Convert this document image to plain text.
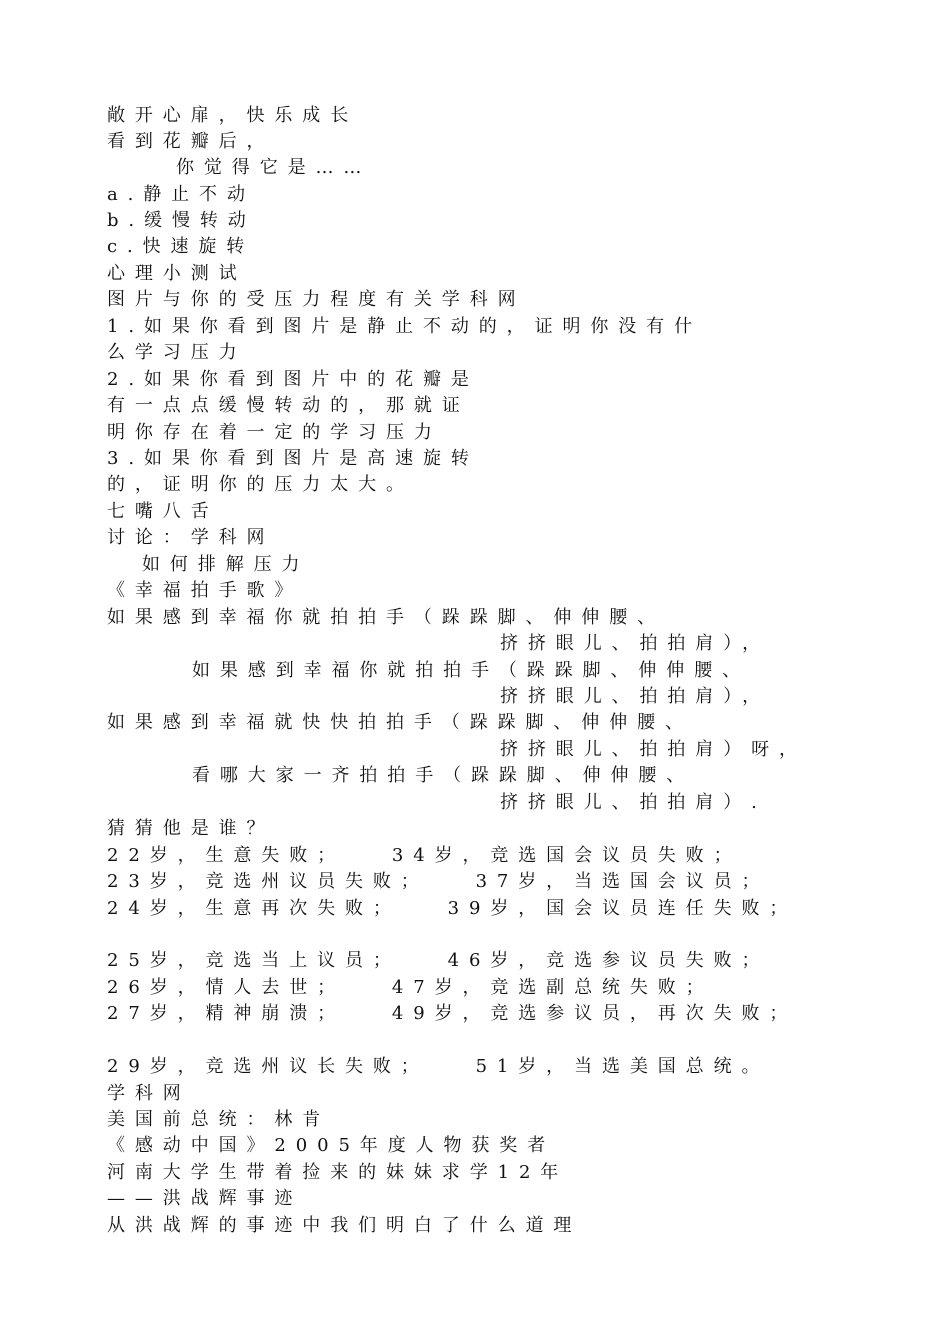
敞开心扉，快乐成长
看到花瓣后，
你觉得它是……
a.静止不动
b.缓慢转动
c.快速旋转
心理小测试
图片与你的受压力程度有关学科网
1.如果你看到图片是静止不动的，证明你没有什
么学习压力
2.如果你看到图片中的花瓣是
有一点点缓慢转动的，那就证
明你存在着一定的学习压力
3.如果你看到图片是高速旋转
的，证明你的压力太大。
七嘴八舌
讨论：学科网
如何排解压力
《幸福拍手歌》
如果感到幸福你就拍拍手（跺跺脚、伸伸腰、
挤挤眼儿、拍拍肩），
如果感到幸福你就拍拍手（跺跺脚、伸伸腰、
挤挤眼儿、拍拍肩），
如果感到幸福就快快拍拍手（跺跺脚、伸伸腰、
挤挤眼儿、拍拍肩）呀，
看哪大家一齐拍拍手（跺跺脚、伸伸腰、
挤挤眼儿、拍拍肩）.
猜猜他是谁？
22岁，生意失败；   34岁，竞选国会议员失败；
23岁，竞选州议员失败；   37岁，当选国会议员；
24岁，生意再次失败；   39岁，国会议员连任失败；
25岁，竞选当上议员；   46岁，竞选参议员失败；
26岁，情人去世；   47岁，竞选副总统失败；
27岁，精神崩溃；   49岁，竞选参议员，再次失败；
29岁，竞选州议长失败；   51岁，当选美国总统。
学科网
美国前总统：林肯
《感动中国》2005年度人物获奖者
河南大学生带着捡来的妹妹求学12年
——洪战辉事迹
从洪战辉的事迹中我们明白了什么道理
